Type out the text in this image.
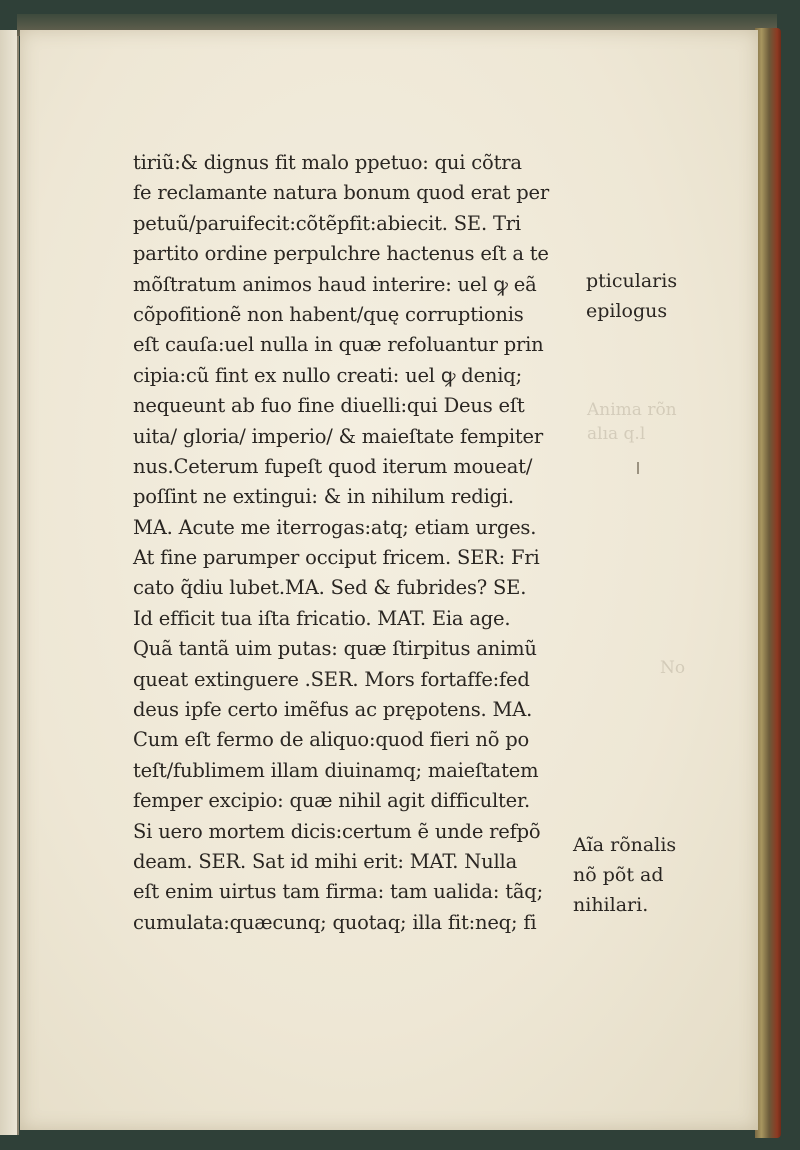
tiriũ:& dignus fit malo ppetuo: qui cõtra
fe reclamante natura bonum quod erat per
petuũ/paruifecit:cõtẽpfit:abiecit. SE. Tri
partito ordine perpulchre hactenus eſt a te
mõſtratum animos haud interire: uel ꝙ eã
cõpofitionẽ non habent/quę corruptionis
eſt cauſa:uel nulla in quæ refoluantur prin
cipia:cũ fint ex nullo creati: uel ꝙ deniq;
nequeunt ab fuo fine diuelli:qui Deus eſt
uita/ gloria/ imperio/ & maieſtate fempiter
nus.Ceterum fupeſt quod iterum moueat/
poſſint ne extingui: & in nihilum redigi.
MA. Acute me iterrogas:atq; etiam urges.
At fine parumper occiput fricem. SER: Fri
cato q̃diu lubet.MA. Sed & fubrides? SE.
Id efficit tua iſta fricatio. MAT. Eia age.
Quã tantã uim putas: quæ ſtirpitus animũ
queat extinguere .SER. Mors fortaffe:fed
deus ipfe certo imẽfus ac prępotens. MA.
Cum eſt fermo de aliquo:quod fieri nõ po
teſt/fublimem illam diuinamq; maieſtatem
femper excipio: quæ nihil agit difficulter.
Si uero mortem dicis:certum ẽ unde refpõ
deam. SER. Sat id mihi erit: MAT. Nulla
eſt enim uirtus tam firma: tam ualida: tãq;
cumulata:quæcunq; quotaq; illa fit:neq; fi
pticularis
epilogus
Anima rõn
alıa q.l
No
Aĩa rõnalis
nõ põt ad
nihilari.
